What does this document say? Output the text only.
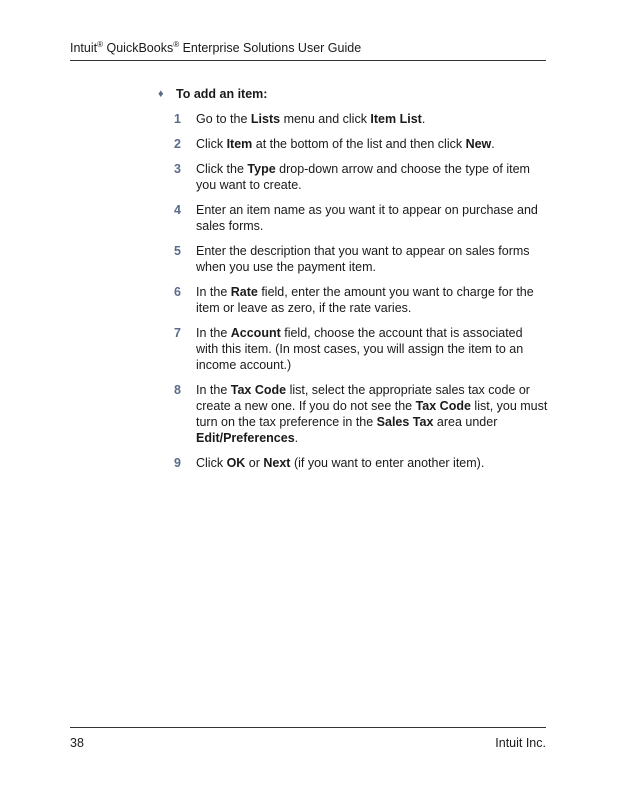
Intuit® QuickBooks® Enterprise Solutions User Guide
♦ To add an item:
1	Go to the Lists menu and click Item List.
2	Click Item at the bottom of the list and then click New.
3	Click the Type drop-down arrow and choose the type of item you want to create.
4	Enter an item name as you want it to appear on purchase and sales forms.
5	Enter the description that you want to appear on sales forms when you use the payment item.
6	In the Rate field, enter the amount you want to charge for the item or leave as zero, if the rate varies.
7	In the Account field, choose the account that is associated with this item. (In most cases, you will assign the item to an income account.)
8	In the Tax Code list, select the appropriate sales tax code or create a new one. If you do not see the Tax Code list, you must turn on the tax preference in the Sales Tax area under Edit/Preferences.
9	Click OK or Next (if you want to enter another item).
38	Intuit Inc.
